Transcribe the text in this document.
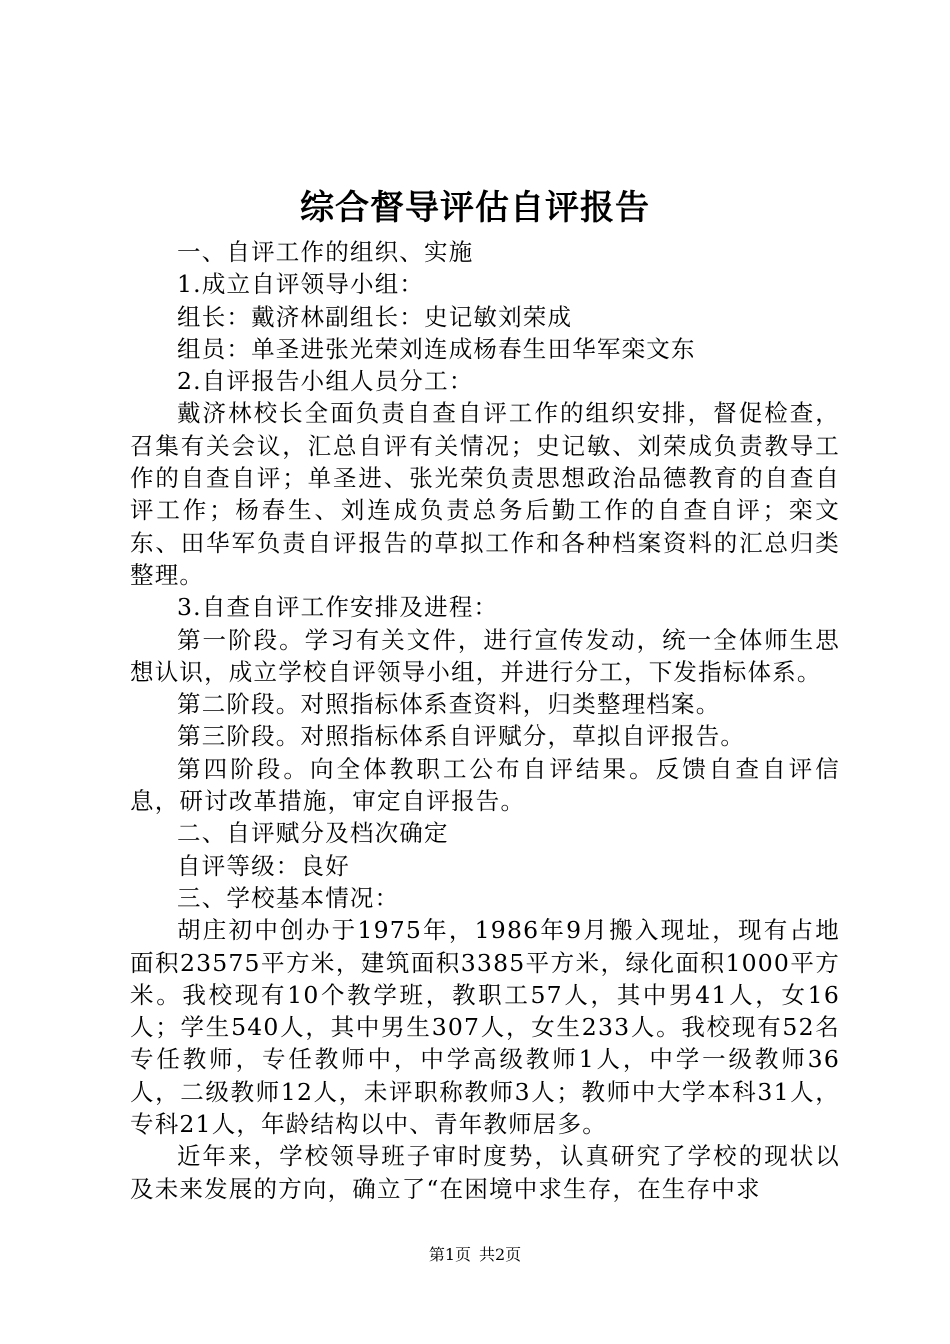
综合督导评估自评报告

一、自评工作的组织、实施

1.成立自评领导小组：

组长：戴济林副组长：史记敏刘荣成

组员：单圣进张光荣刘连成杨春生田华军栾文东

2.自评报告小组人员分工：

戴济林校长全面负责自查自评工作的组织安排，督促检查，召集有关会议，汇总自评有关情况；史记敏、刘荣成负责教导工作的自查自评；单圣进、张光荣负责思想政治品德教育的自查自评工作；杨春生、刘连成负责总务后勤工作的自查自评；栾文东、田华军负责自评报告的草拟工作和各种档案资料的汇总归类整理。

3.自查自评工作安排及进程：

第一阶段。学习有关文件，进行宣传发动，统一全体师生思想认识，成立学校自评领导小组，并进行分工，下发指标体系。

第二阶段。对照指标体系查资料，归类整理档案。

第三阶段。对照指标体系自评赋分，草拟自评报告。

第四阶段。向全体教职工公布自评结果。反馈自查自评信息，研讨改革措施，审定自评报告。

二、自评赋分及档次确定

自评等级：良好

三、学校基本情况：

胡庄初中创办于1975年，1986年9月搬入现址，现有占地面积23575平方米，建筑面积3385平方米，绿化面积1000平方米。我校现有10个教学班，教职工57人，其中男41人，女16人；学生540人，其中男生307人，女生233人。我校现有52名专任教师，专任教师中，中学高级教师1人，中学一级教师36人，二级教师12人，未评职称教师3人；教师中大学本科31人，专科21人，年龄结构以中、青年教师居多。

近年来，学校领导班子审时度势，认真研究了学校的现状以及未来发展的方向，确立了“在困境中求生存，在生存中求

第1页 共2页
